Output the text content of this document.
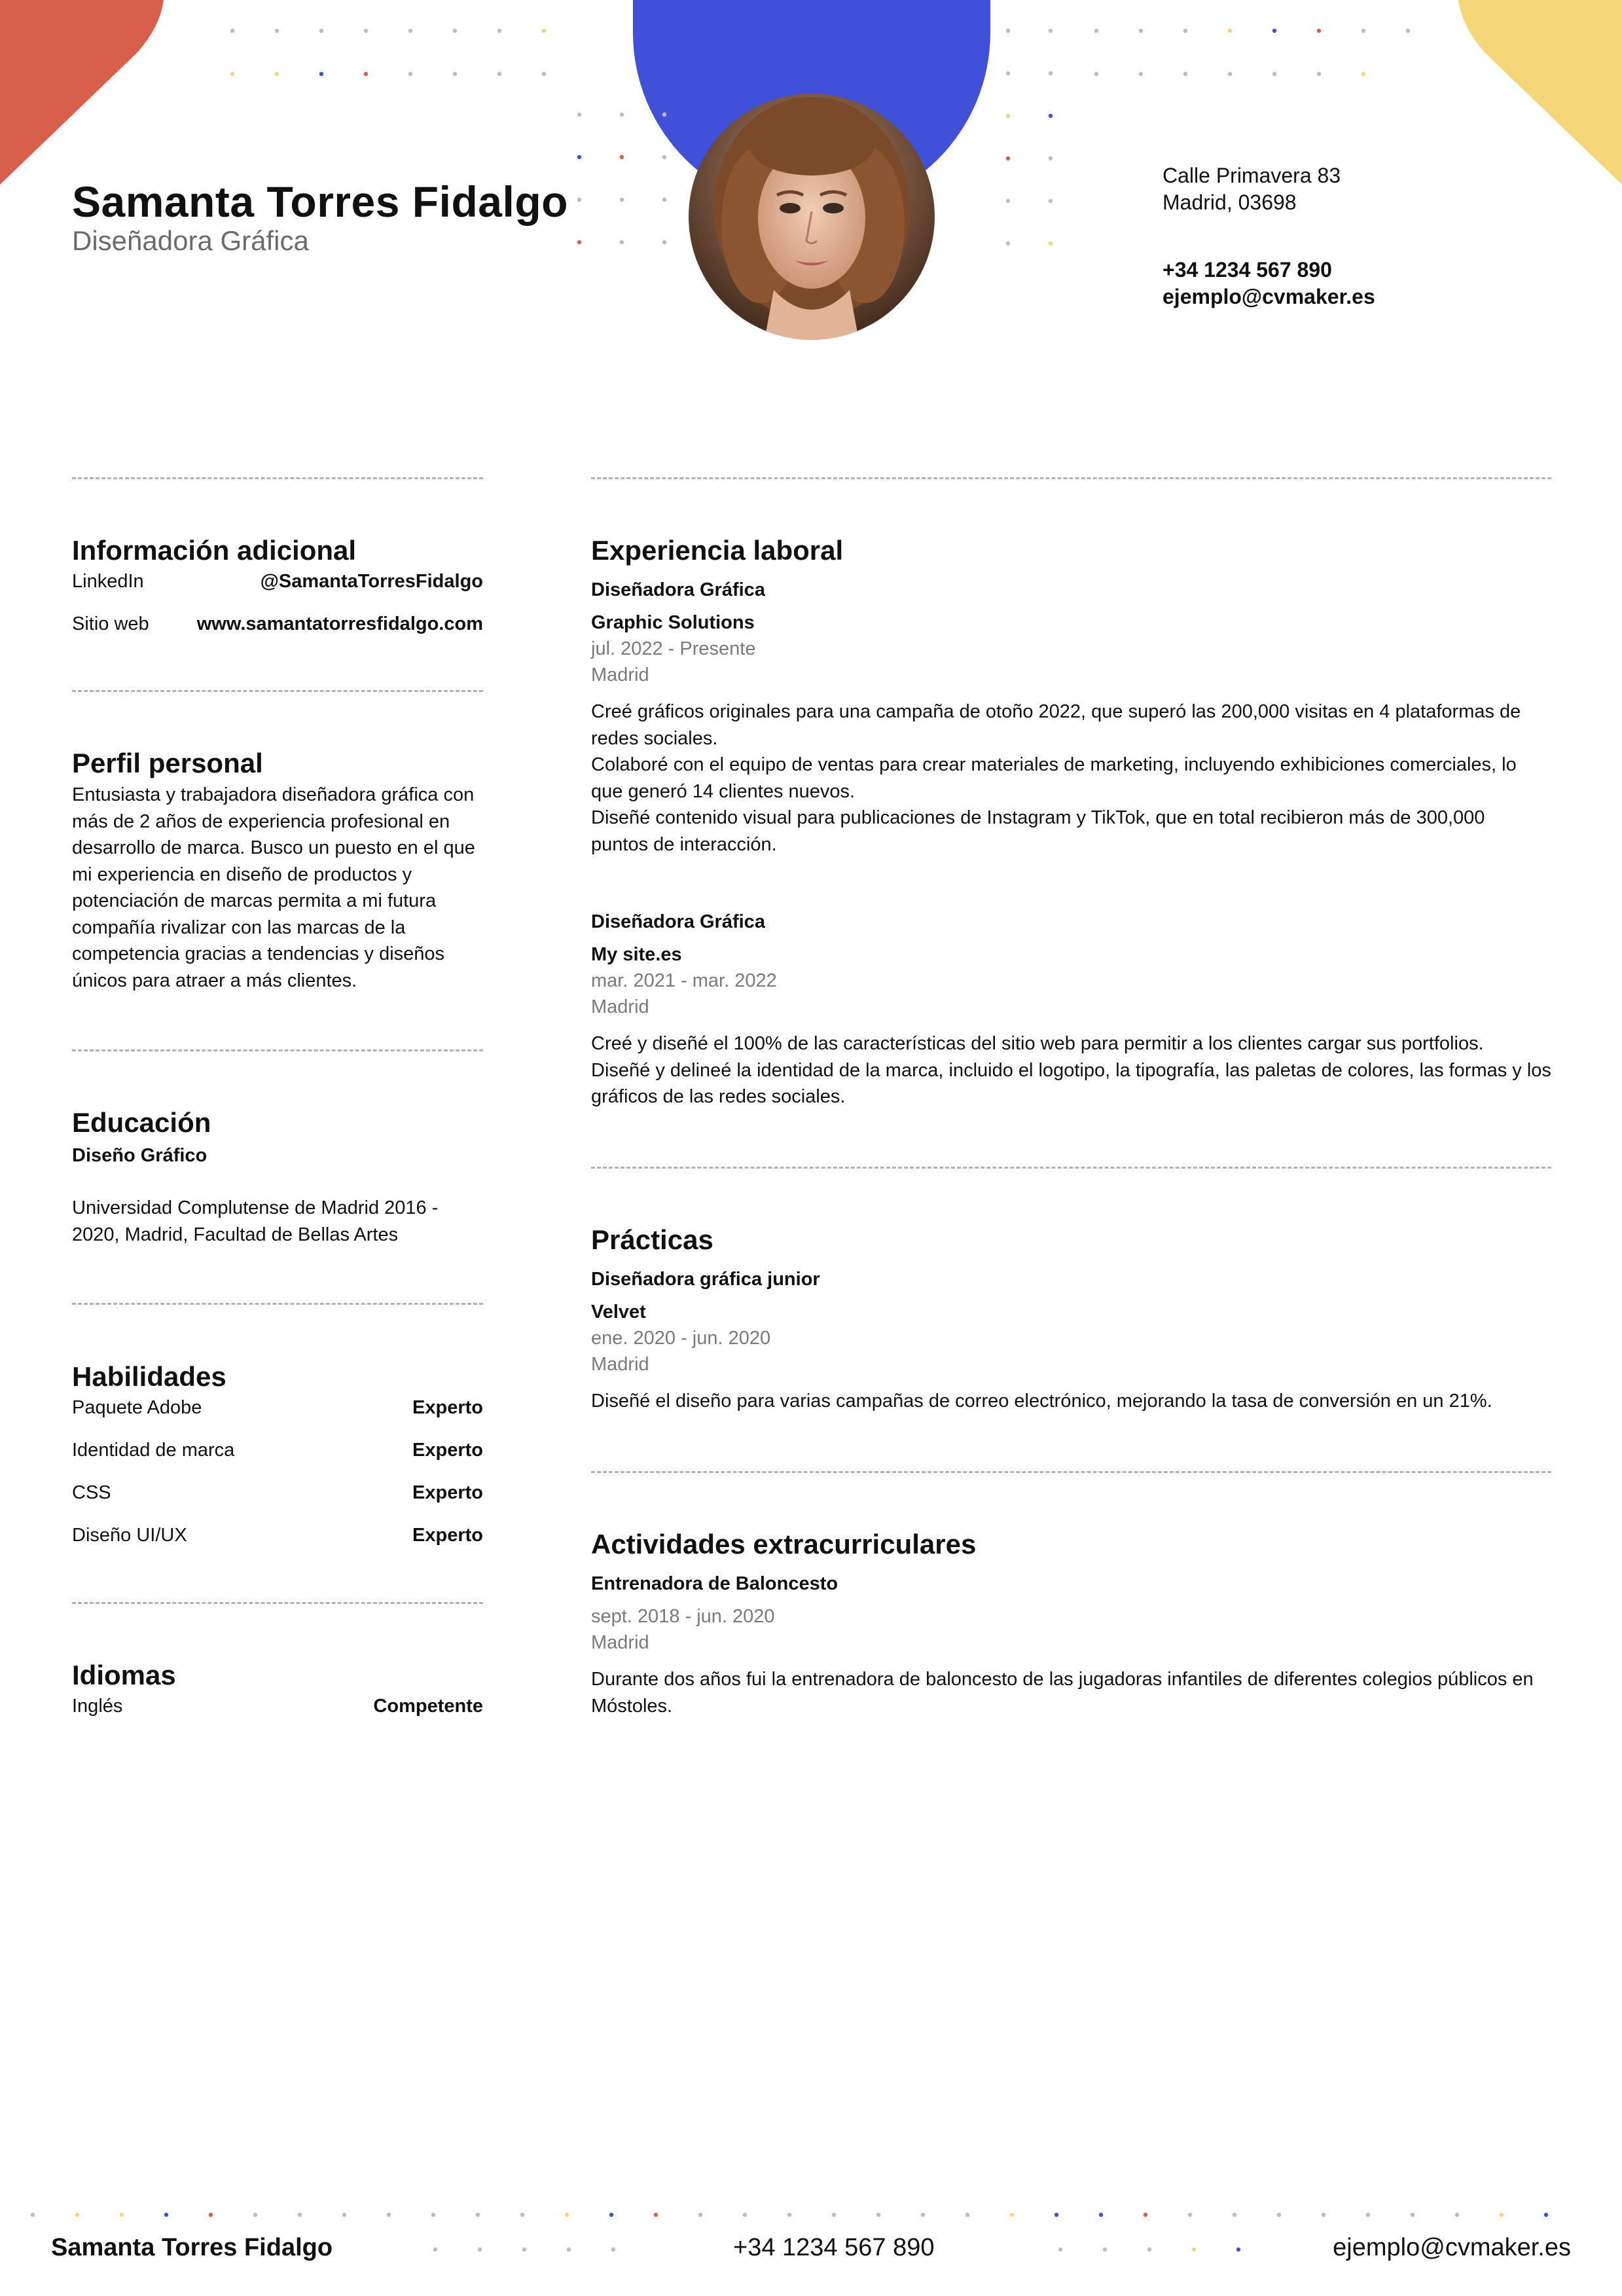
Samanta Torres Fidalgo
Diseñadora Gráfica
Calle Primavera 83
Madrid, 03698
+34 1234 567 890
ejemplo@cvmaker.es
Información adicional
LinkedIn	@SamantaTorresFidalgo
Sitio web	www.samantatorresfidalgo.com
Perfil personal
Entusiasta y trabajadora diseñadora gráfica con
más de 2 años de experiencia profesional en
desarrollo de marca. Busco un puesto en el que
mi experiencia en diseño de productos y
potenciación de marcas permita a mi futura
compañía rivalizar con las marcas de la
competencia gracias a tendencias y diseños
únicos para atraer a más clientes.
Educación
Diseño Gráfico
Universidad Complutense de Madrid 2016 -
2020, Madrid, Facultad de Bellas Artes
Habilidades
Paquete Adobe	Experto
Identidad de marca	Experto
CSS	Experto
Diseño UI/UX	Experto
Idiomas
Inglés	Competente
Experiencia laboral
Diseñadora Gráfica
Graphic Solutions
jul. 2022 - Presente
Madrid

Creé gráficos originales para una campaña de otoño 2022, que superó las 200,000 visitas en 4 plataformas de

redes sociales.

Colaboré con el equipo de ventas para crear materiales de marketing, incluyendo exhibiciones comerciales, lo

que generó 14 clientes nuevos.

Diseñé contenido visual para publicaciones de Instagram y TikTok, que en total recibieron más de 300,000

puntos de interacción.

Diseñadora Gráfica
My site.es
mar. 2021 - mar. 2022
Madrid

Creé y diseñé el 100% de las características del sitio web para permitir a los clientes cargar sus portfolios.

Diseñé y delineé la identidad de la marca, incluido el logotipo, la tipografía, las paletas de colores, las formas y los

gráficos de las redes sociales.

Prácticas
Diseñadora gráfica junior
Velvet
ene. 2020 - jun. 2020
Madrid

Diseñé el diseño para varias campañas de correo electrónico, mejorando la tasa de conversión en un 21%.

Actividades extracurriculares
Entrenadora de Baloncesto
sept. 2018 - jun. 2020
Madrid

Durante dos años fui la entrenadora de baloncesto de las jugadoras infantiles de diferentes colegios públicos en

Móstoles.

Samanta Torres Fidalgo	+34 1234 567 890	ejemplo@cvmaker.es
